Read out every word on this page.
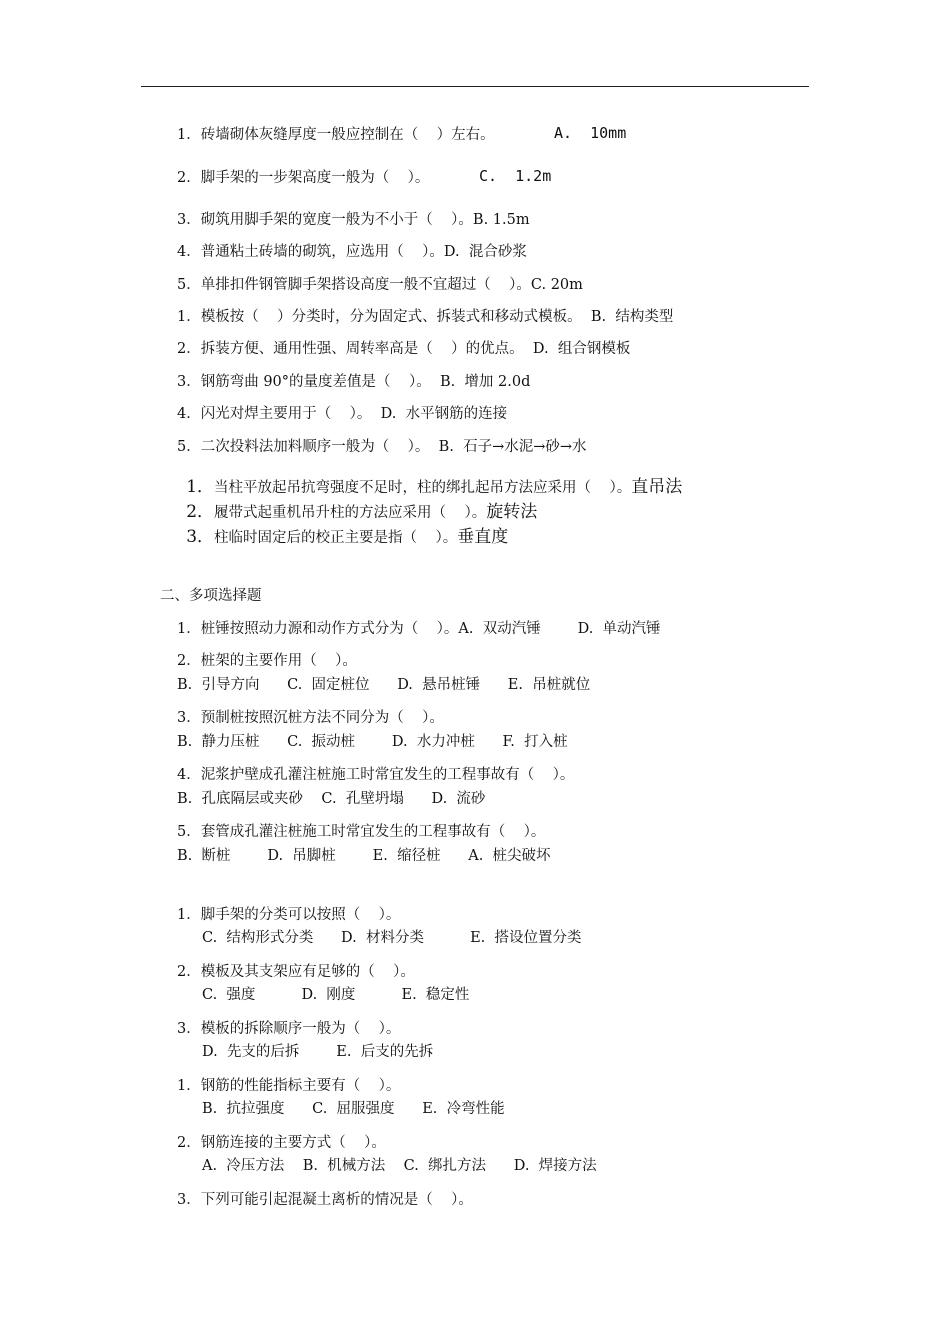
1．砖墙砌体灰缝厚度一般应控制在（    ）左右。	A.  10mm
2．脚手架的一步架高度一般为（    ）。	C.  1.2m
3．砌筑用脚手架的宽度一般为不小于（    ）。B. 1.5m
4．普通粘土砖墙的砌筑，应选用（    ）。D.  混合砂浆
5．单排扣件钢管脚手架搭设高度一般不宜超过（    ）。C. 20m
1．模板按（    ）分类时，分为固定式、拆装式和移动式模板。  B.  结构类型
2．拆装方便、通用性强、周转率高是（    ）的优点。  D.  组合钢模板
3．钢筋弯曲 90°的量度差值是（    ）。  B.  增加 2.0d
4．闪光对焊主要用于（    ）。  D.  水平钢筋的连接
5．二次投料法加料顺序一般为（    ）。  B.  石子→水泥→砂→水

1．当柱平放起吊抗弯强度不足时，柱的绑扎起吊方法应采用（    ）。直吊法

2．履带式起重机吊升柱的方法应采用（    ）。旋转法

3．柱临时固定后的校正主要是指（    ）。垂直度

二、多项选择题
1．桩锤按照动力源和动作方式分为（    ）。A.  双动汽锤        D.  单动汽锤
2．桩架的主要作用（    ）。
B.  引导方向      C.  固定桩位      D.  悬吊桩锤      E.  吊桩就位
3．预制桩按照沉桩方法不同分为（    ）。
B.  静力压桩      C.  振动桩        D.  水力冲桩      F.  打入桩
4．泥浆护壁成孔灌注桩施工时常宜发生的工程事故有（    ）。
B.  孔底隔层或夹砂    C.  孔壁坍塌      D.  流砂
5．套管成孔灌注桩施工时常宜发生的工程事故有（    ）。
B.  断桩        D.  吊脚桩        E.  缩径桩      A.  桩尖破坏
1．脚手架的分类可以按照（    ）。
C.  结构形式分类      D.  材料分类          E.  搭设位置分类
2．模板及其支架应有足够的（    ）。
C.  强度          D.  刚度          E.  稳定性
3．模板的拆除顺序一般为（    ）。
D.  先支的后拆        E.  后支的先拆
1．钢筋的性能指标主要有（    ）。
B.  抗拉强度      C.  屈服强度      E.  冷弯性能
2．钢筋连接的主要方式（    ）。
A.  冷压方法    B.  机械方法    C.  绑扎方法      D.  焊接方法
3．下列可能引起混凝土离析的情况是（    ）。
